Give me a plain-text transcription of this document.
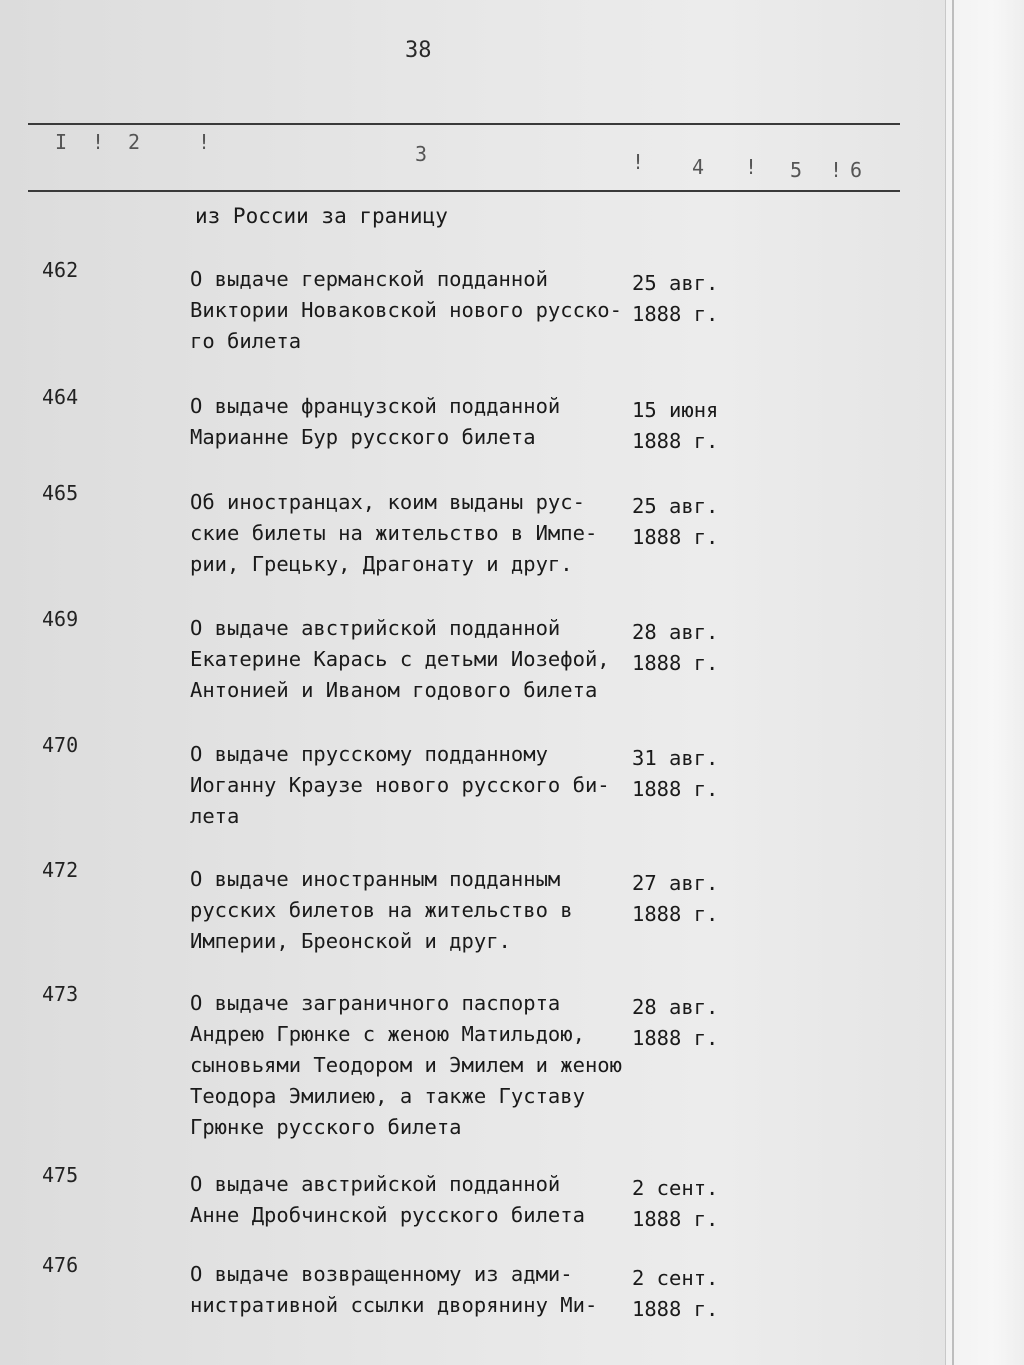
38
I ! 2	!	3	! 4 ! 5 ! 6
из России за границу
462	О выдаче германской подданной
Виктории Новаковской нового русско-
го билета
25 авг.
1888 г.
464	О выдаче французской подданной
Марианне Бур русского билета
15 июня
1888 г.
465	Об иностранцах, коим выданы рус-
ские билеты на жительство в Импе-
рии, Грецьку, Драгонату и друг.
25 авг.
1888 г.
469	О выдаче австрийской подданной
Екатерине Карась с детьми Иозефой,
Антонией и Иваном годового билета
28 авг.
1888 г.
470	О выдаче прусскому подданному
Иоганну Краузе нового русского би-
лета
31 авг.
1888 г.
472	О выдаче иностранным подданным
русских билетов на жительство в
Империи, Бреонской и друг.
27 авг.
1888 г.
473	О выдаче заграничного паспорта
Андрею Грюнке с женою Матильдою,
сыновьями Теодором и Эмилем и женою
Теодора Эмилиею, а также Густаву
Грюнке русского билета
28 авг.
1888 г.
475	О выдаче австрийской подданной
Анне Дробчинской русского билета
2 сент.
1888 г.
476	О выдаче возвращенному из адми-
нистративной ссылки дворянину Ми-
2 сент.
1888 г.
